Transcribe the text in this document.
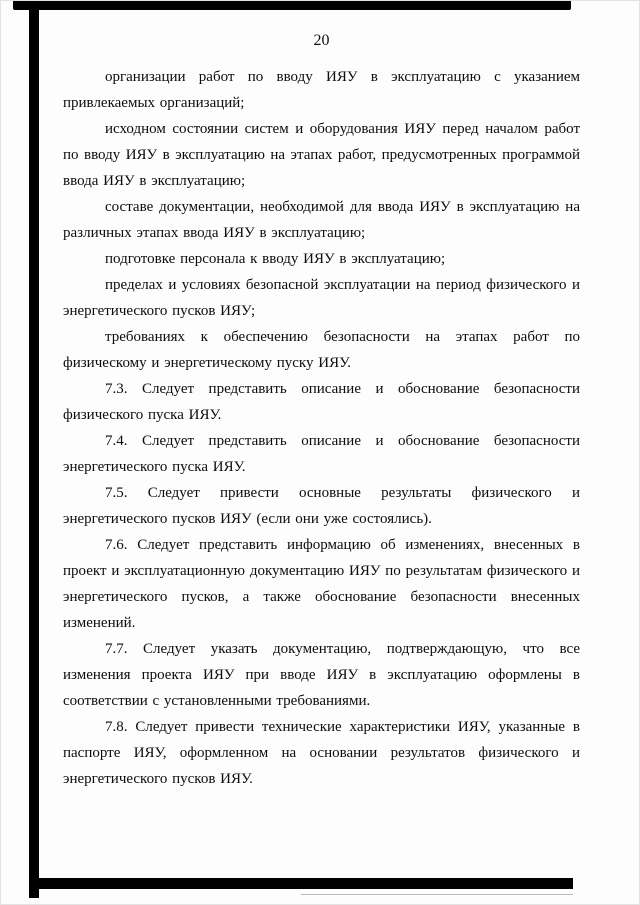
20

организации работ по вводу ИЯУ в эксплуатацию с указанием привлекаемых организаций;

исходном состоянии систем и оборудования ИЯУ перед началом работ по вводу ИЯУ в эксплуатацию на этапах работ, предусмотренных программой ввода ИЯУ в эксплуатацию;

составе документации, необходимой для ввода ИЯУ в эксплуатацию на различных этапах ввода ИЯУ в эксплуатацию;

подготовке персонала к вводу ИЯУ в эксплуатацию;

пределах и условиях безопасной эксплуатации на период физического и энергетического пусков ИЯУ;

требованиях к обеспечению безопасности на этапах работ по физическому и энергетическому пуску ИЯУ.

7.3. Следует представить описание и обоснование безопасности физического пуска ИЯУ.

7.4. Следует представить описание и обоснование безопасности энергетического пуска ИЯУ.

7.5. Следует привести основные результаты физического и энергетического пусков ИЯУ (если они уже состоялись).

7.6. Следует представить информацию об изменениях, внесенных в проект и эксплуатационную документацию ИЯУ по результатам физического и энергетического пусков, а также обоснование безопасности внесенных изменений.

7.7. Следует указать документацию, подтверждающую, что все изменения проекта ИЯУ при вводе ИЯУ в эксплуатацию оформлены в соответствии с установленными требованиями.

7.8. Следует привести технические характеристики ИЯУ, указанные в паспорте ИЯУ, оформленном на основании результатов физического и энергетического пусков ИЯУ.
